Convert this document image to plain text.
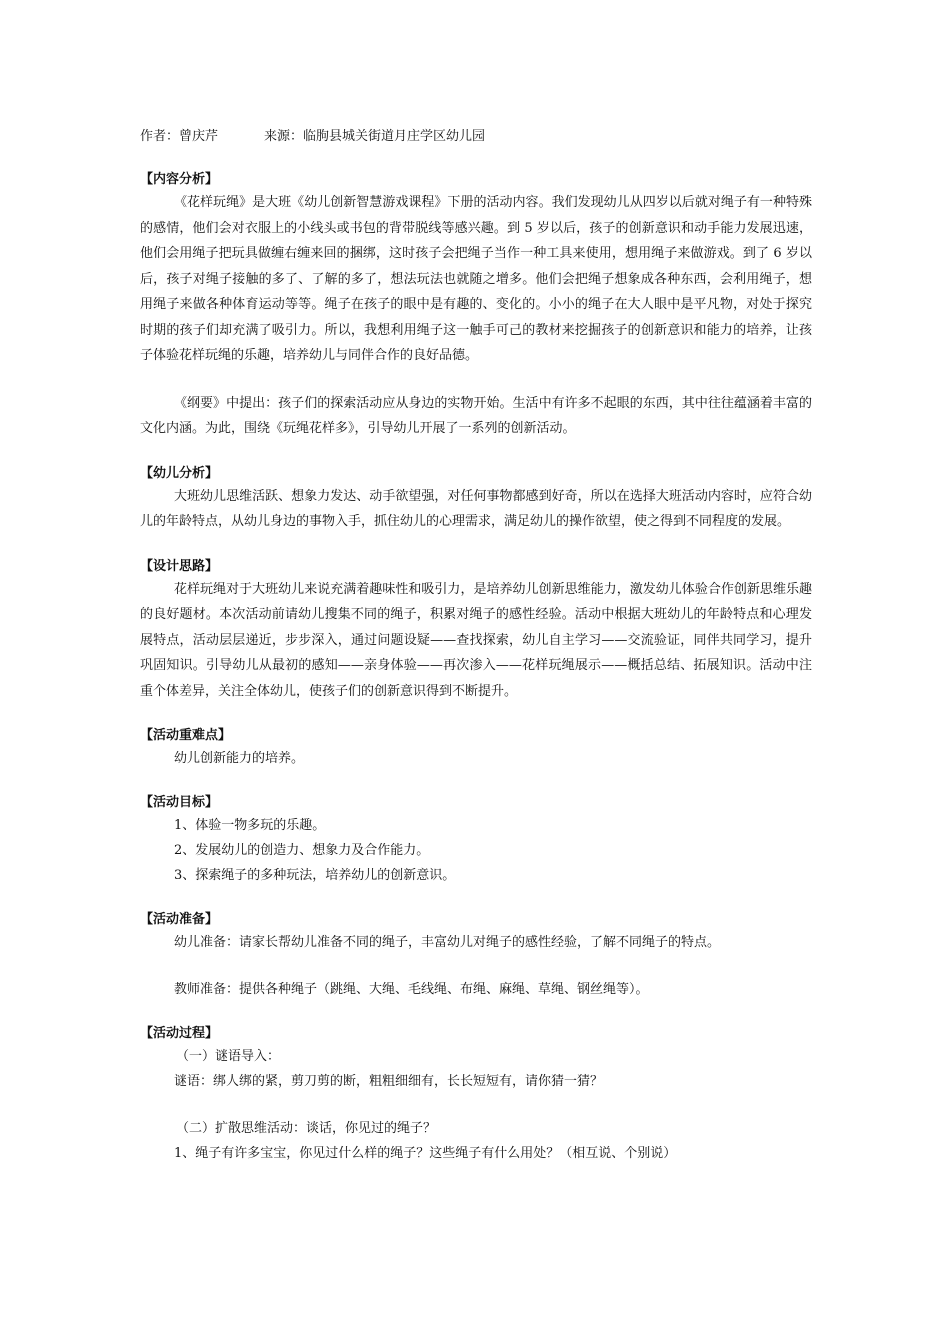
作者：曾庆芹	来源：临朐县城关街道月庄学区幼儿园
【内容分析】

《花样玩绳》是大班《幼儿创新智慧游戏课程》下册的活动内容。我们发现幼儿从四岁以后就对绳子有一种特殊的感情，他们会对衣服上的小线头或书包的背带脱线等感兴趣。到 5 岁以后，孩子的创新意识和动手能力发展迅速，他们会用绳子把玩具做缠右缠来回的捆绑，这时孩子会把绳子当作一种工具来使用，想用绳子来做游戏。到了 6 岁以后，孩子对绳子接触的多了、了解的多了，想法玩法也就随之增多。他们会把绳子想象成各种东西，会利用绳子，想用绳子来做各种体育运动等等。绳子在孩子的眼中是有趣的、变化的。小小的绳子在大人眼中是平凡物，对处于探究时期的孩子们却充满了吸引力。所以，我想利用绳子这一触手可己的教材来挖掘孩子的创新意识和能力的培养，让孩子体验花样玩绳的乐趣，培养幼儿与同伴合作的良好品德。

《纲要》中提出：孩子们的探索活动应从身边的实物开始。生活中有许多不起眼的东西，其中往往蕴涵着丰富的文化内涵。为此，围绕《玩绳花样多》，引导幼儿开展了一系列的创新活动。

【幼儿分析】

大班幼儿思维活跃、想象力发达、动手欲望强，对任何事物都感到好奇，所以在选择大班活动内容时，应符合幼儿的年龄特点，从幼儿身边的事物入手，抓住幼儿的心理需求，满足幼儿的操作欲望，使之得到不同程度的发展。

【设计思路】

花样玩绳对于大班幼儿来说充满着趣味性和吸引力，是培养幼儿创新思维能力，激发幼儿体验合作创新思维乐趣的良好题材。本次活动前请幼儿搜集不同的绳子，积累对绳子的感性经验。活动中根据大班幼儿的年龄特点和心理发展特点，活动层层递近，步步深入，通过问题设疑——查找探索，幼儿自主学习——交流验证，同伴共同学习，提升巩固知识。引导幼儿从最初的感知——亲身体验——再次渗入——花样玩绳展示——概括总结、拓展知识。活动中注重个体差异，关注全体幼儿，使孩子们的创新意识得到不断提升。

【活动重难点】

幼儿创新能力的培养。

【活动目标】

1、体验一物多玩的乐趣。

2、发展幼儿的创造力、想象力及合作能力。

3、探索绳子的多种玩法，培养幼儿的创新意识。

【活动准备】

幼儿准备：请家长帮幼儿准备不同的绳子，丰富幼儿对绳子的感性经验，了解不同绳子的特点。

教师准备：提供各种绳子（跳绳、大绳、毛线绳、布绳、麻绳、草绳、钢丝绳等）。

【活动过程】

（一）谜语导入：

谜语：绑人绑的紧，剪刀剪的断，粗粗细细有，长长短短有，请你猜一猜？

（二）扩散思维活动：谈话，你见过的绳子？

1、绳子有许多宝宝，你见过什么样的绳子？这些绳子有什么用处？（相互说、个别说）
